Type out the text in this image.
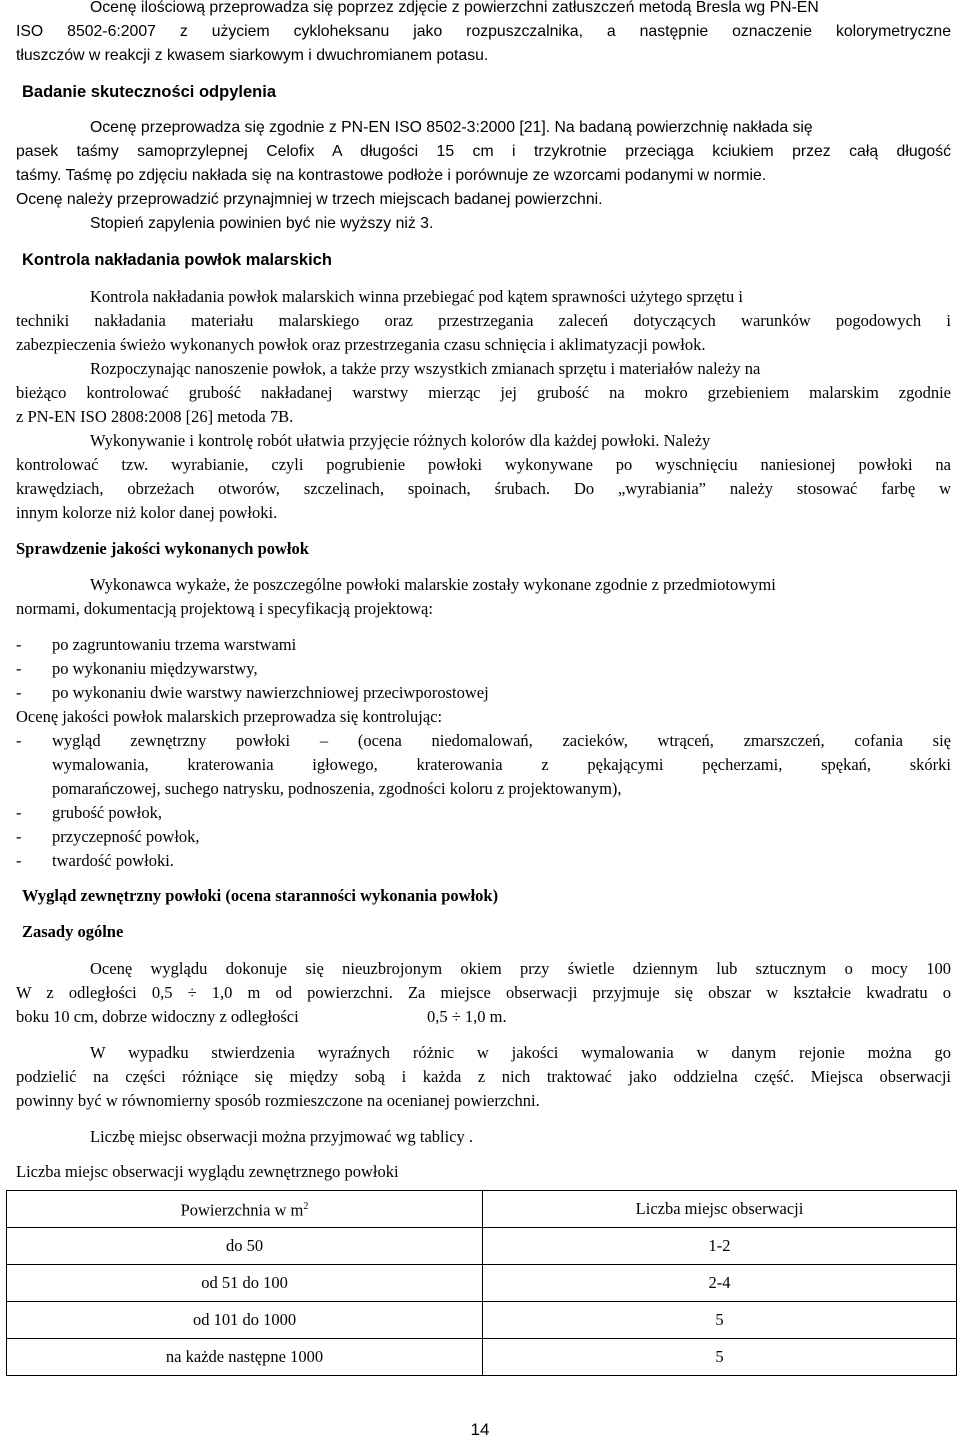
Ocenę ilościową przeprowadza się poprzez zdjęcie z powierzchni zatłuszczeń metodą Bresla wg PN-EN

ISO 8502-6:2007 z użyciem cykloheksanu jako rozpuszczalnika, a następnie oznaczenie kolorymetryczne

tłuszczów w reakcji z kwasem siarkowym i dwuchromianem potasu.

Badanie skuteczności odpylenia

Ocenę przeprowadza się zgodnie z PN-EN ISO 8502-3:2000 [21]. Na badaną powierzchnię nakłada się

pasek taśmy samoprzylepnej Celofix A długości 15 cm i trzykrotnie przeciąga kciukiem przez całą długość

taśmy. Taśmę po zdjęciu nakłada się na kontrastowe podłoże i porównuje ze wzorcami podanymi w normie.

Ocenę należy przeprowadzić przynajmniej w trzech miejscach badanej powierzchni.

Stopień zapylenia powinien być nie wyższy niż 3.

Kontrola nakładania powłok malarskich

Kontrola nakładania powłok malarskich winna przebiegać pod kątem sprawności użytego sprzętu i

techniki nakładania materiału malarskiego oraz przestrzegania zaleceń dotyczących warunków pogodowych i

zabezpieczenia świeżo wykonanych powłok oraz przestrzegania czasu schnięcia i aklimatyzacji powłok.

Rozpoczynając nanoszenie powłok, a także przy wszystkich zmianach sprzętu i materiałów należy na

bieżąco kontrolować grubość nakładanej warstwy mierząc jej grubość na mokro grzebieniem malarskim zgodnie

z PN-EN ISO 2808:2008 [26] metoda 7B.

Wykonywanie i kontrolę robót ułatwia przyjęcie różnych kolorów dla każdej powłoki. Należy

kontrolować tzw. wyrabianie, czyli pogrubienie powłoki wykonywane po wyschnięciu naniesionej powłoki na

krawędziach, obrzeżach otworów, szczelinach, spoinach, śrubach. Do „wyrabiania” należy stosować farbę w

innym kolorze niż kolor danej powłoki.

Sprawdzenie jakości wykonanych powłok

Wykonawca wykaże, że poszczególne powłoki malarskie zostały wykonane zgodnie z przedmiotowymi

normami, dokumentacją projektową i specyfikacją projektową:

- po zagruntowaniu trzema warstwami

- po wykonaniu międzywarstwy,

- po wykonaniu dwie warstwy nawierzchniowej przeciwporostowej

Ocenę jakości powłok malarskich przeprowadza się kontrolując:

- wygląd zewnętrzny powłoki – (ocena niedomalowań, zacieków, wtrąceń, zmarszczeń, cofania się

wymalowania, kraterowania igłowego, kraterowania z pękającymi pęcherzami, spękań, skórki

pomarańczowej, suchego natrysku, podnoszenia, zgodności koloru z projektowanym),

- grubość powłok,

- przyczepność powłok,

- twardość powłoki.

Wygląd zewnętrzny powłoki (ocena staranności wykonania powłok)

Zasady ogólne

Ocenę wyglądu dokonuje się nieuzbrojonym okiem przy świetle dziennym lub sztucznym o mocy 100

W z odległości 0,5 ÷ 1,0 m od powierzchni. Za miejsce obserwacji przyjmuje się obszar w kształcie kwadratu o

boku 10 cm, dobrze widoczny z odległości	0,5 ÷ 1,0 m.

W wypadku stwierdzenia wyraźnych różnic w jakości wymalowania w danym rejonie można go

podzielić na części różniące się między sobą i każda z nich traktować jako oddzielna część. Miejsca obserwacji

powinny być w równomierny sposób rozmieszczone na ocenianej powierzchni.

Liczbę miejsc obserwacji można przyjmować wg tablicy .

Liczba miejsc obserwacji wyglądu zewnętrznego powłoki

Powierzchnia w $m^2$	Liczba miejsc obserwacji
do 50	1-2
od 51 do 100	2-4
od 101 do 1000	5
na każde następne 1000	5
14
